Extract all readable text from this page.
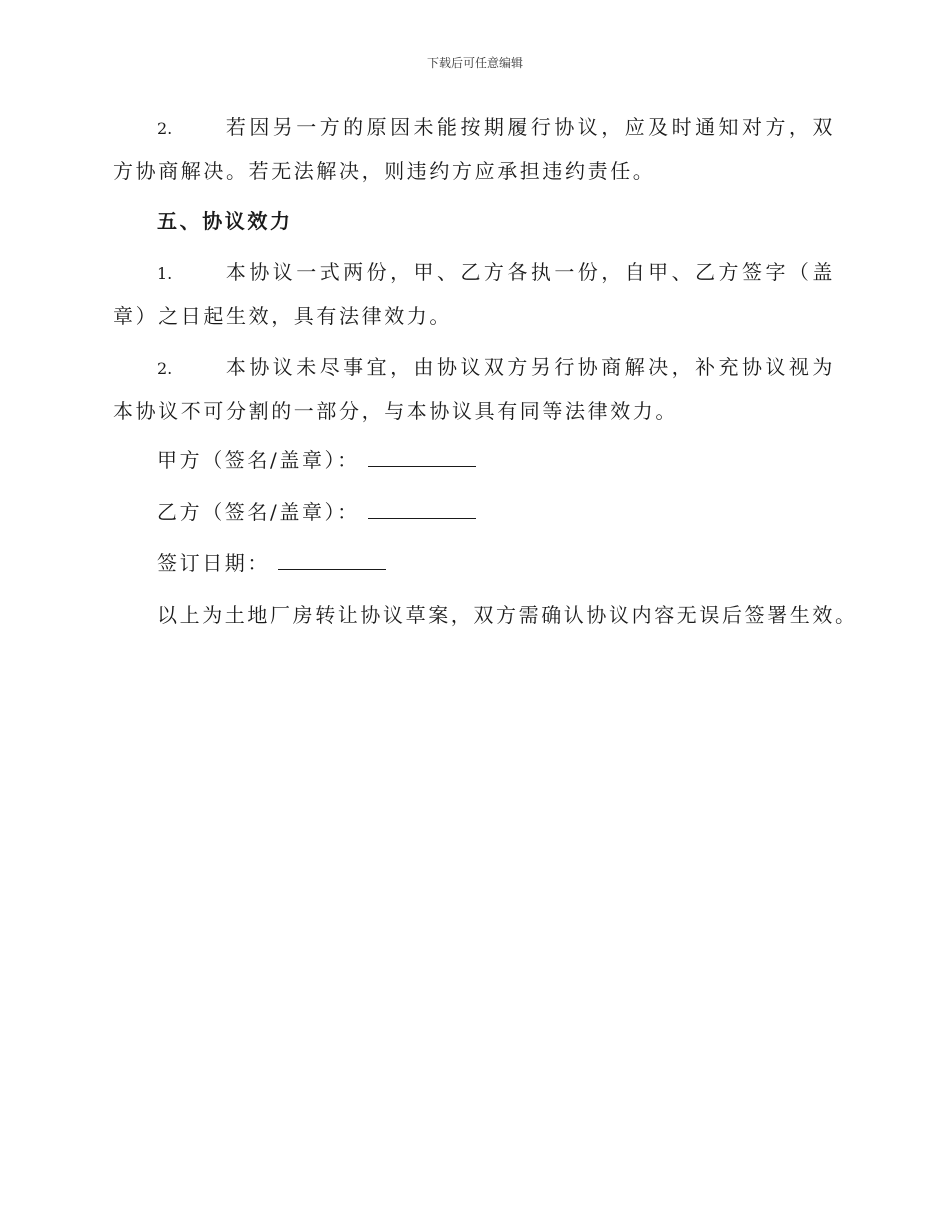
下载后可任意编辑
2.	若因另一方的原因未能按期履行协议，应及时通知对方，双方协商解决。若无法解决，则违约方应承担违约责任。
五、协议效力
1.	本协议一式两份，甲、乙方各执一份，自甲、乙方签字（盖章）之日起生效，具有法律效力。
2.	本协议未尽事宜，由协议双方另行协商解决，补充协议视为本协议不可分割的一部分，与本协议具有同等法律效力。
甲方（签名/盖章）：
乙方（签名/盖章）：
签订日期：
以上为土地厂房转让协议草案，双方需确认协议内容无误后签署生效。
